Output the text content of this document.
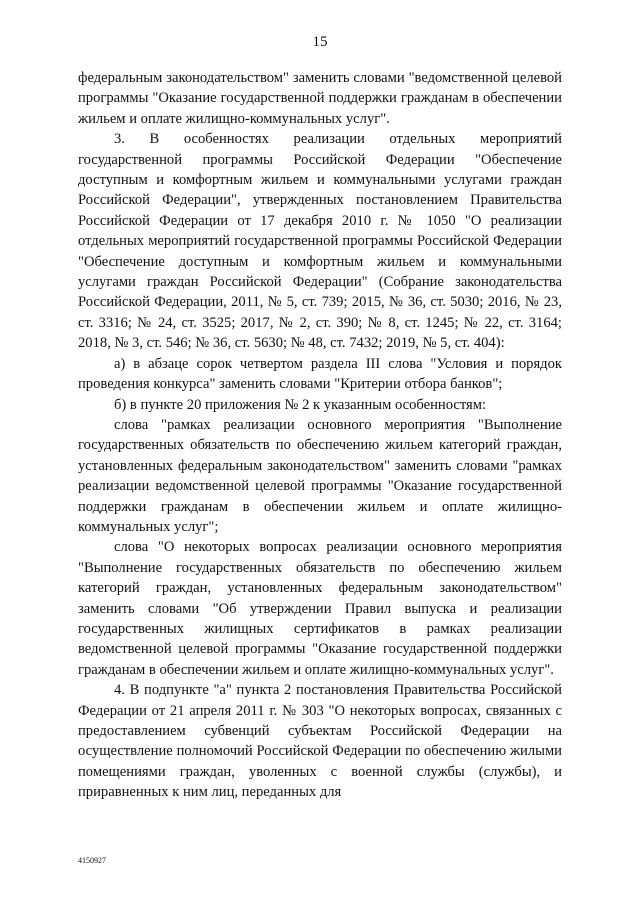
15

федеральным законодательством" заменить словами "ведомственной целевой программы "Оказание государственной поддержки гражданам в обеспечении жильем и оплате жилищно-коммунальных услуг".

3. В особенностях реализации отдельных мероприятий государственной программы Российской Федерации "Обеспечение доступным и комфортным жильем и коммунальными услугами граждан Российской Федерации", утвержденных постановлением Правительства Российской Федерации от 17 декабря 2010 г. № 1050 "О реализации отдельных мероприятий государственной программы Российской Федерации "Обеспечение доступным и комфортным жильем и коммунальными услугами граждан Российской Федерации" (Собрание законодательства Российской Федерации, 2011, № 5, ст. 739; 2015, № 36, ст. 5030; 2016, № 23, ст. 3316; № 24, ст. 3525; 2017, № 2, ст. 390; № 8, ст. 1245; № 22, ст. 3164; 2018, № 3, ст. 546; № 36, ст. 5630; № 48, ст. 7432; 2019, № 5, ст. 404):

а) в абзаце сорок четвертом раздела III слова "Условия и порядок проведения конкурса" заменить словами "Критерии отбора банков";

б) в пункте 20 приложения № 2 к указанным особенностям:

слова "рамках реализации основного мероприятия "Выполнение государственных обязательств по обеспечению жильем категорий граждан, установленных федеральным законодательством" заменить словами "рамках реализации ведомственной целевой программы "Оказание государственной поддержки гражданам в обеспечении жильем и оплате жилищно-коммунальных услуг";

слова "О некоторых вопросах реализации основного мероприятия "Выполнение государственных обязательств по обеспечению жильем категорий граждан, установленных федеральным законодательством" заменить словами "Об утверждении Правил выпуска и реализации государственных жилищных сертификатов в рамках реализации ведомственной целевой программы "Оказание государственной поддержки гражданам в обеспечении жильем и оплате жилищно-коммунальных услуг".

4. В подпункте "а" пункта 2 постановления Правительства Российской Федерации от 21 апреля 2011 г. № 303 "О некоторых вопросах, связанных с предоставлением субвенций субъектам Российской Федерации на осуществление полномочий Российской Федерации по обеспечению жилыми помещениями граждан, уволенных с военной службы (службы), и приравненных к ним лиц, переданных для

4150927
